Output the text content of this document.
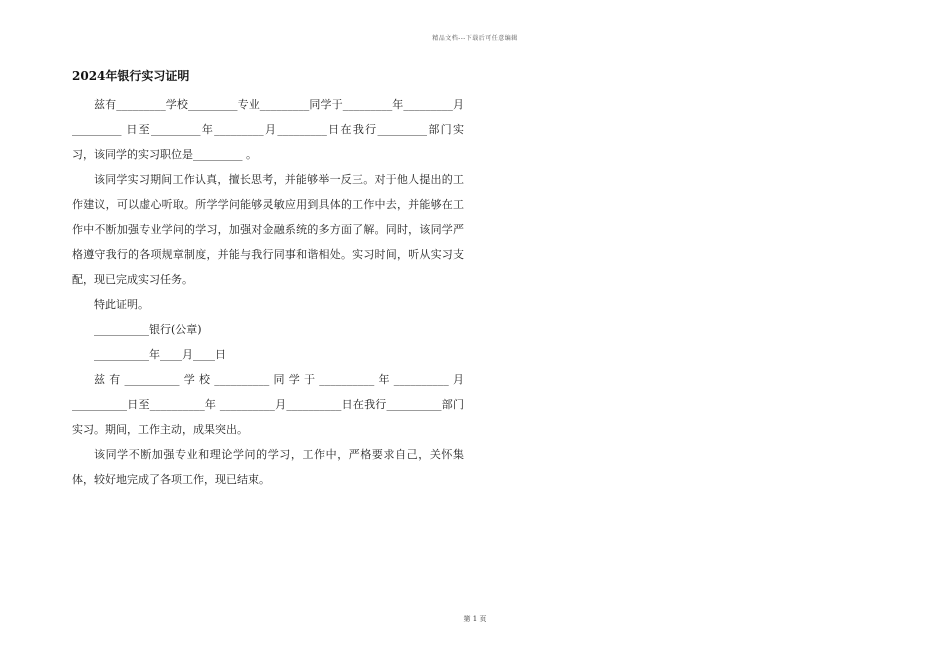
精品文档---下载后可任意编辑
2024年银行实习证明

兹有_________学校_________专业_________同学于_________年_________月_________ 日至_________年_________月_________日在我行_________部门实习，该同学的实习职位是_________ 。

该同学实习期间工作认真，擅长思考，并能够举一反三。对于他人提出的工作建议，可以虚心听取。所学学问能够灵敏应用到具体的工作中去，并能够在工作中不断加强专业学问的学习，加强对金融系统的多方面了解。同时，该同学严格遵守我行的各项规章制度，并能与我行同事和谐相处。实习时间，听从实习支配，现已完成实习任务。

特此证明。

__________银行(公章)

__________年____月____日

兹有__________学校__________同学于__________年__________月__________日至__________年 __________月__________日在我行__________部门实习。期间，工作主动，成果突出。

该同学不断加强专业和理论学问的学习，工作中，严格要求自己，关怀集体，较好地完成了各项工作，现已结束。

第 1 页
